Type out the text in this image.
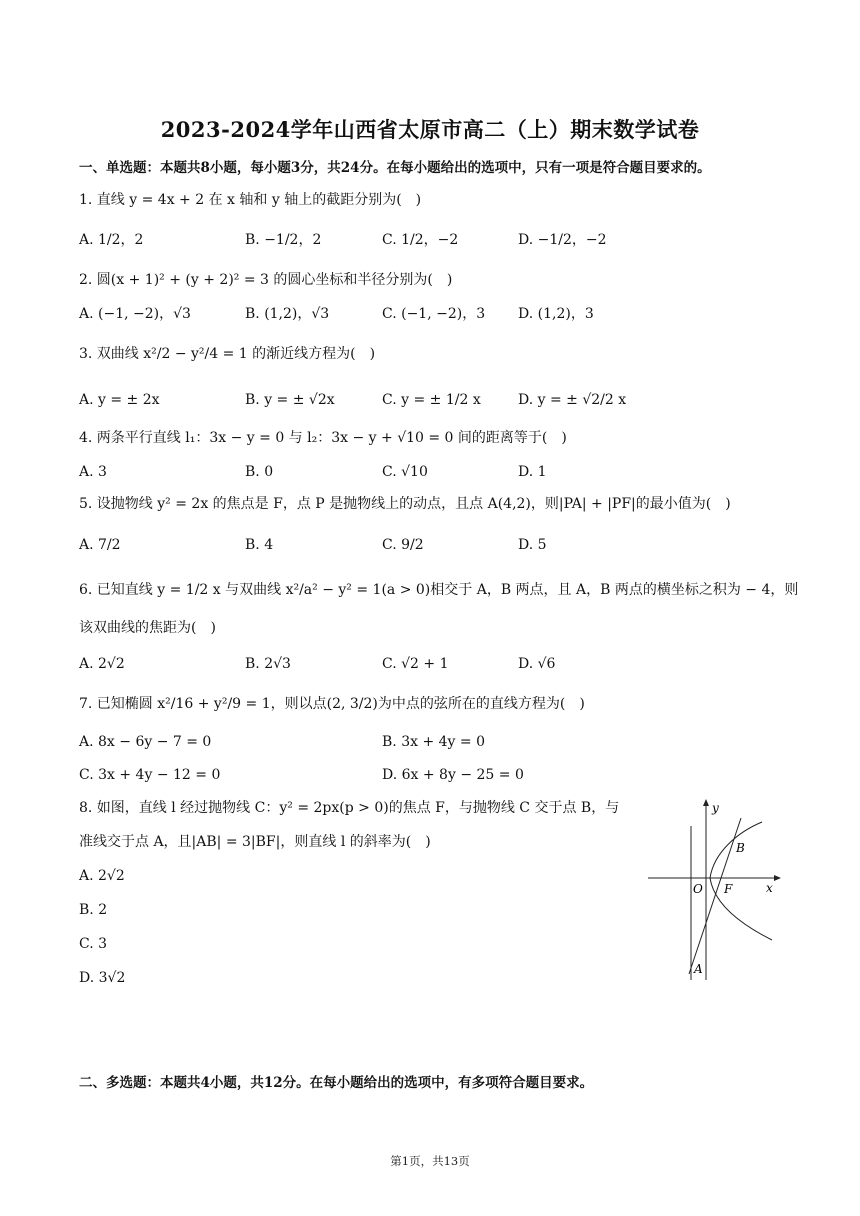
2023-2024学年山西省太原市高二（上）期末数学试卷
一、单选题：本题共8小题，每小题3分，共24分。在每小题给出的选项中，只有一项是符合题目要求的。
1. 直线 y = 4x + 2 在 x 轴和 y 轴上的截距分别为(　)
A. 1/2，2	B. −1/2，2	C. 1/2，−2	D. −1/2，−2
2. 圆(x + 1)² + (y + 2)² = 3 的圆心坐标和半径分别为(　)
A. (−1, −2)，√3	B. (1,2)，√3	C. (−1, −2)，3 D. (1,2)，3
3. 双曲线 x²/2 − y²/4 = 1 的渐近线方程为(　)
A. y = ± 2x	B. y = ± √2x	C. y = ± 1/2 x	D. y = ± √2/2 x
4. 两条平行直线 l₁：3x − y = 0 与 l₂：3x − y + √10 = 0 间的距离等于(　)
A. 3	B. 0	C. √10	D. 1
5. 设抛物线 y² = 2x 的焦点是 F，点 P 是抛物线上的动点，且点 A(4,2)，则|PA| + |PF|的最小值为(　)
A. 7/2	B. 4	C. 9/2	D. 5
6. 已知直线 y = 1/2 x 与双曲线 x²/a² − y² = 1(a > 0)相交于 A，B 两点，且 A，B 两点的横坐标之积为 − 4，则
该双曲线的焦距为(　)
A. 2√2	B. 2√3	C. √2 + 1	D. √6
7. 已知椭圆 x²/16 + y²/9 = 1，则以点(2, 3/2)为中点的弦所在的直线方程为(　)
A. 8x − 6y − 7 = 0	B. 3x + 4y = 0
C. 3x + 4y − 12 = 0	D. 6x + 8y − 25 = 0
8. 如图，直线 l 经过抛物线 C：y² = 2px(p > 0)的焦点 F，与抛物线 C 交于点 B，与
准线交于点 A，且|AB| = 3|BF|，则直线 l 的斜率为(　)
A. 2√2
B. 2
C. 3
D. 3√2
y
x
O F
B
A
二、多选题：本题共4小题，共12分。在每小题给出的选项中，有多项符合题目要求。
第1页，共13页
